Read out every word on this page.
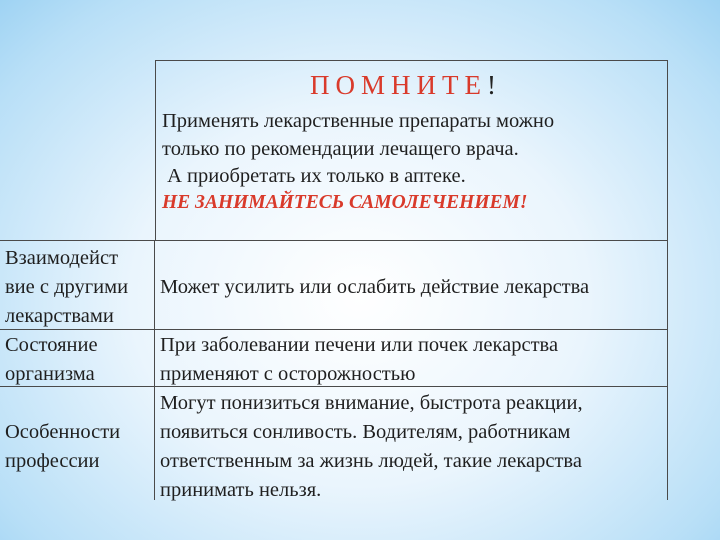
ПОМНИТЕ!
Применять лекарственные препараты можно
только по рекомендации лечащего врача.
А приобретать их только в аптеке.
НЕ ЗАНИМАЙТЕСЬ САМОЛЕЧЕНИЕМ!
Взаимодейст
вие с другими
лекарствами
Может усилить или ослабить действие лекарства
Состояние
организма
При заболевании печени или почек лекарства
применяют с осторожностью
Особенности
профессии
Могут понизиться внимание, быстрота реакции,
появиться сонливость. Водителям, работникам
ответственным за жизнь людей, такие лекарства
принимать нельзя.
